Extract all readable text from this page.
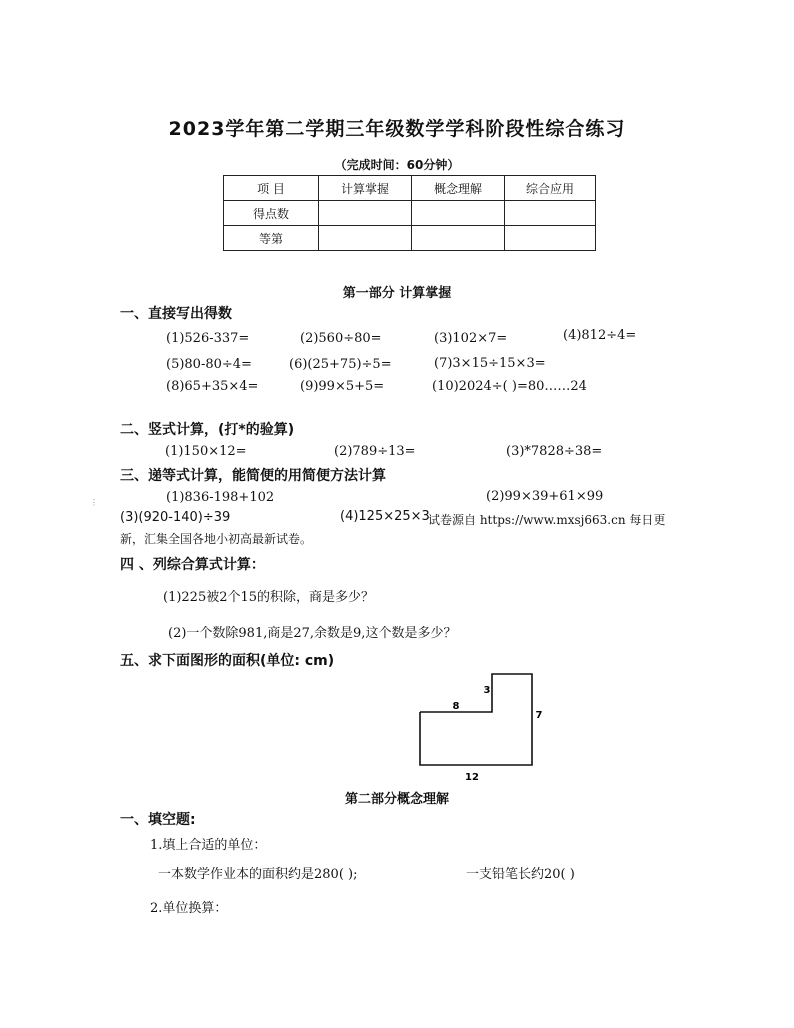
2023学年第二学期三年级数学学科阶段性综合练习
（完成时间：60分钟）
项 目	计算掌握	概念理解	综合应用
得点数			
等第			
第一部分 计算掌握
一、直接写出得数
(1)526-337=	(2)560÷80=	(3)102×7=	(4)812÷4=
(5)80-80÷4=	(6)(25+75)÷5=	(7)3×15÷15×3=
(8)65+35×4=	(9)99×5+5=	(10)2024÷( )=80……24
二、竖式计算，(打*的验算)
(1)150×12=	(2)789÷13=	(3)*7828÷38=
三、递等式计算，能简便的用简便方法计算
(1)836-198+102	(2)99×39+61×99
(3)(920-140)÷39	(4)125×25×3
试卷源自 https://www.mxsj663.cn 每日更
新，汇集全国各地小初高最新试卷。
⋮
四 、列综合算式计算：
(1)225被2个15的积除，商是多少？
(2)一个数除981,商是27,余数是9,这个数是多少？
五、求下面图形的面积(单位: cm)
8
3
7
12
第二部分概念理解
一、填空题:
1.填上合适的单位：
一本数学作业本的面积约是280( );	一支铅笔长约20( )
2.单位换算：
